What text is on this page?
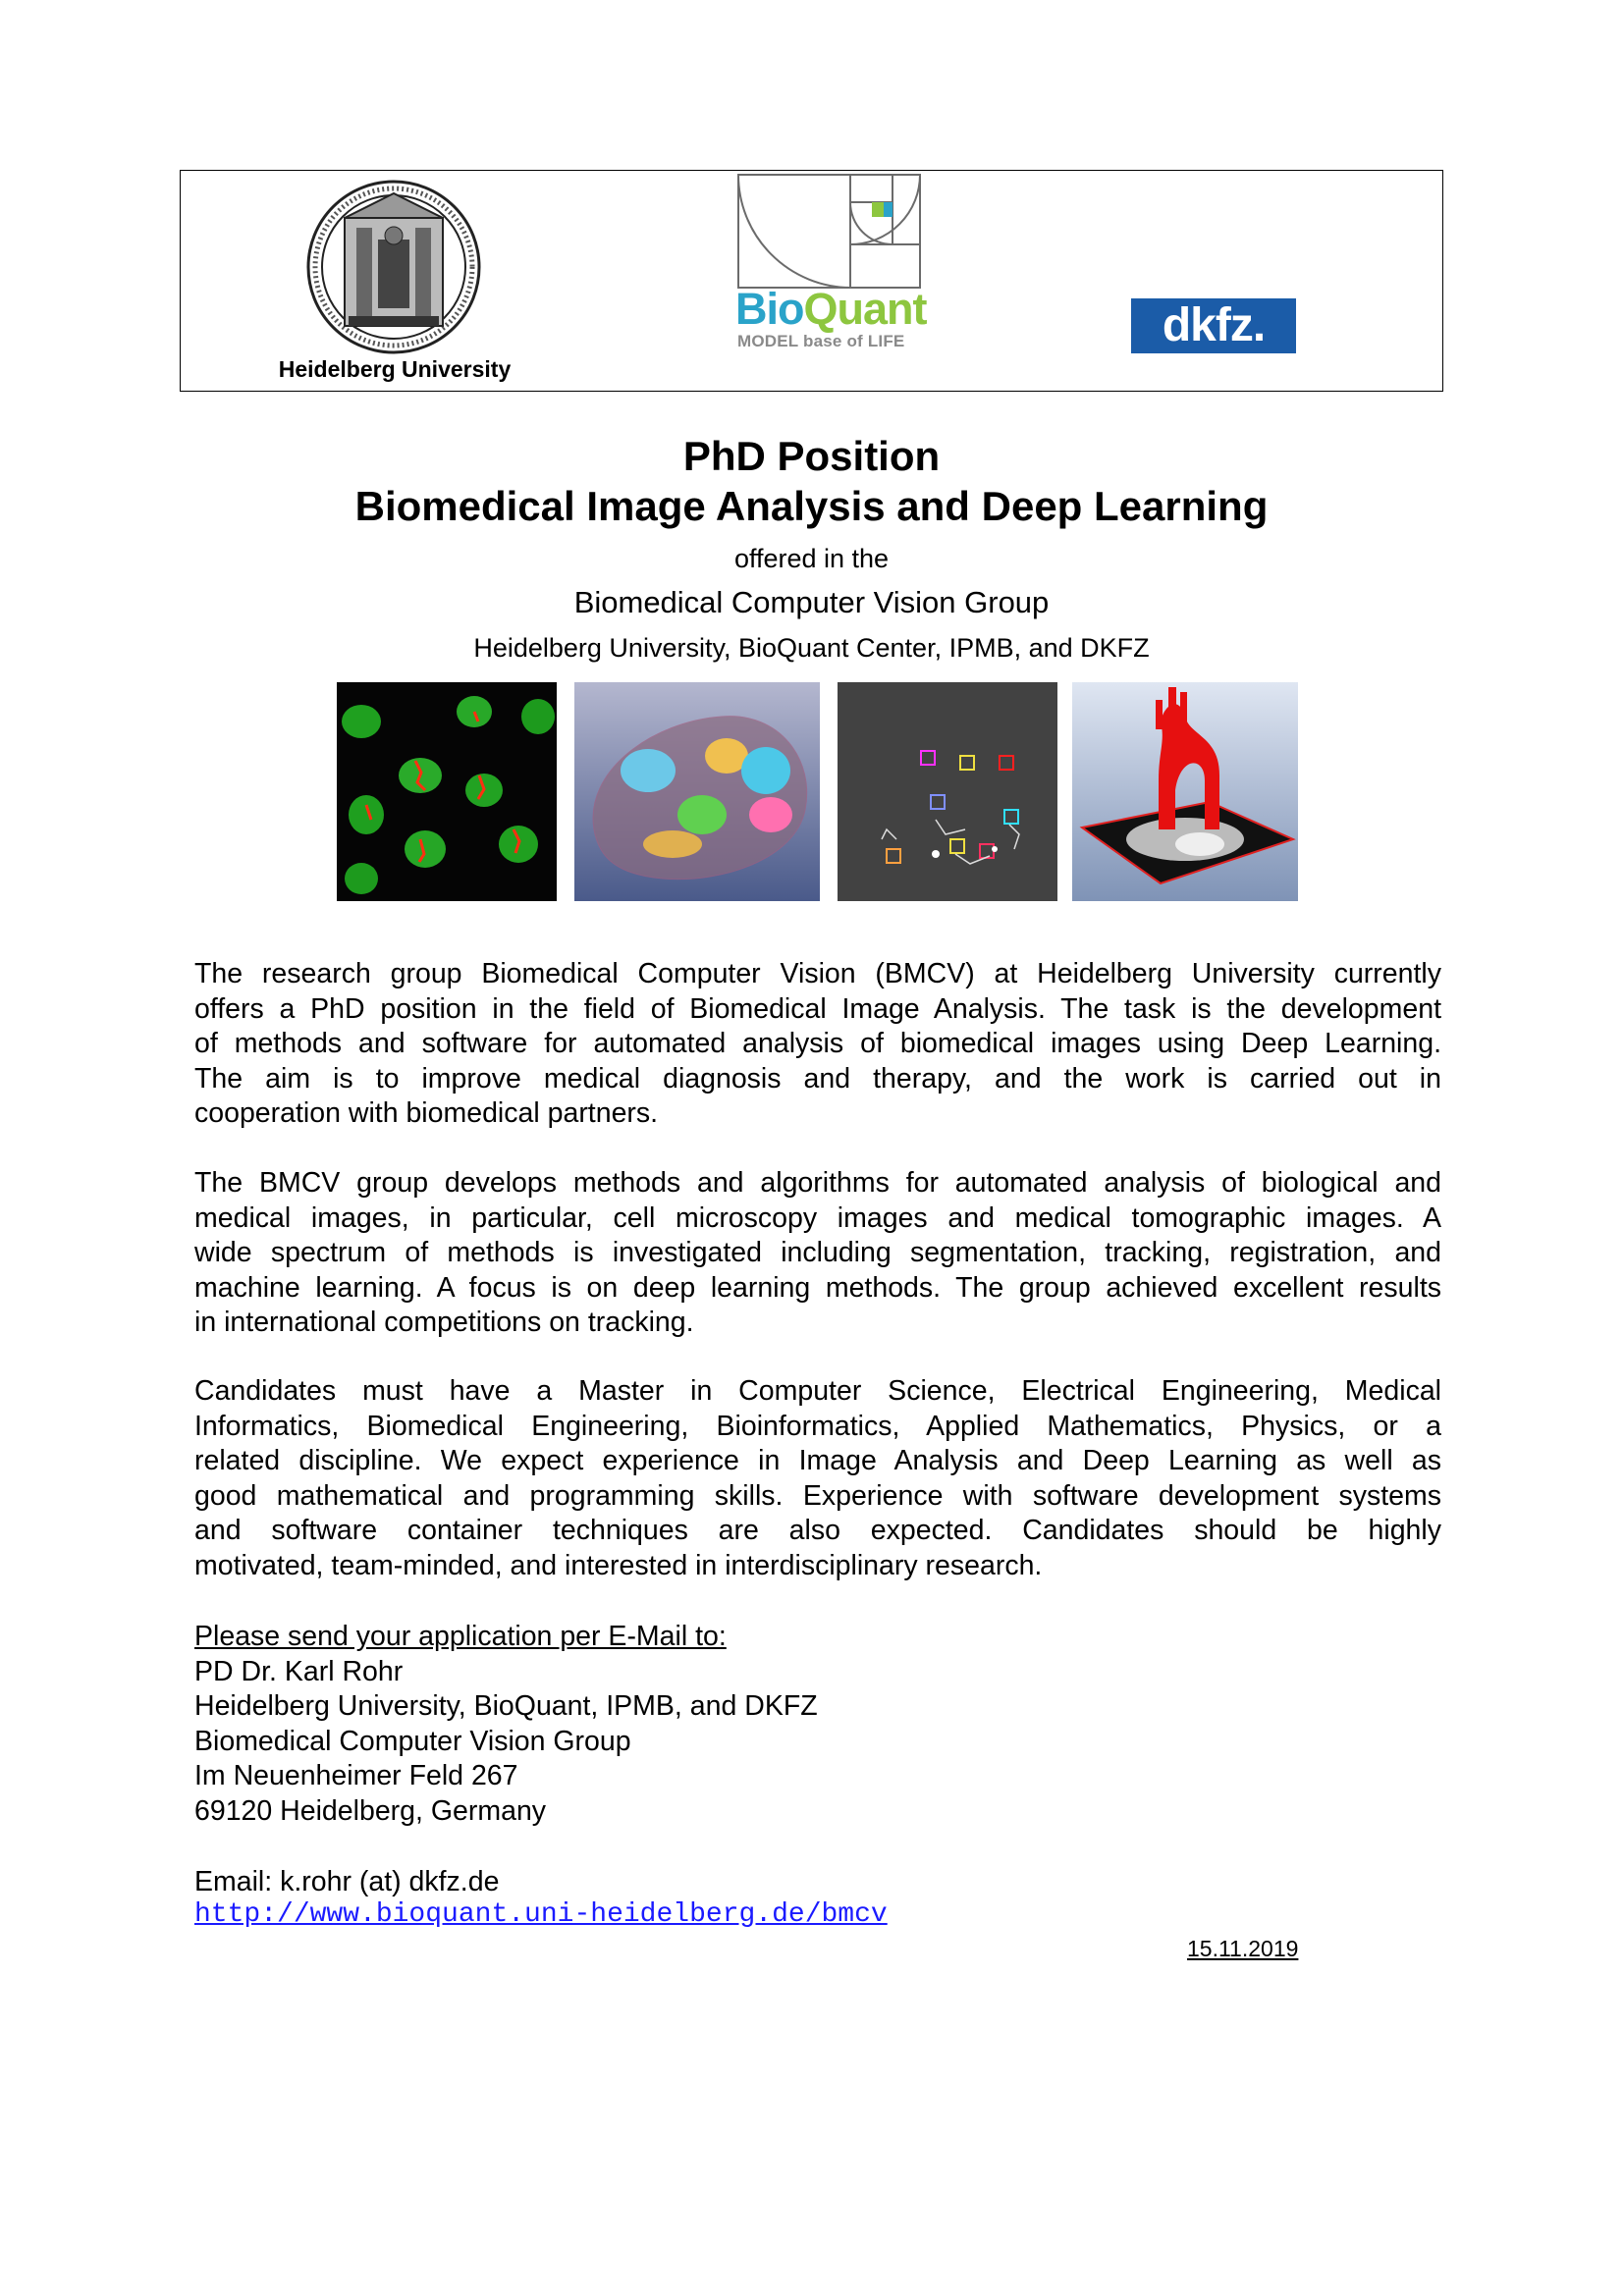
Heidelberg University
BioQuant
MODEL base of LIFE	dkfz.
PhD Position
Biomedical Image Analysis and Deep Learning
offered in the
Biomedical Computer Vision Group
Heidelberg University, BioQuant Center, IPMB, and DKFZ
The research group Biomedical Computer Vision (BMCV) at Heidelberg University currently
offers a PhD position in the field of Biomedical Image Analysis. The task is the development
of methods and software for automated analysis of biomedical images using Deep Learning.
The aim is to improve medical diagnosis and therapy, and the work is carried out in
cooperation with biomedical partners.
The BMCV group develops methods and algorithms for automated analysis of biological and
medical images, in particular, cell microscopy images and medical tomographic images. A
wide spectrum of methods is investigated including segmentation, tracking, registration, and
machine learning. A focus is on deep learning methods. The group achieved excellent results
in international competitions on tracking.
Candidates must have a Master in Computer Science, Electrical Engineering, Medical
Informatics, Biomedical Engineering, Bioinformatics, Applied Mathematics, Physics, or a
related discipline. We expect experience in Image Analysis and Deep Learning as well as
good mathematical and programming skills. Experience with software development systems
and software container techniques are also expected. Candidates should be highly
motivated, team-minded, and interested in interdisciplinary research.
Please send your application per E-Mail to:
PD Dr. Karl Rohr
Heidelberg University, BioQuant, IPMB, and DKFZ
Biomedical Computer Vision Group
Im Neuenheimer Feld 267
69120 Heidelberg, Germany
Email: k.rohr (at) dkfz.de
http://www.bioquant.uni-heidelberg.de/bmcv
15.11.2019
